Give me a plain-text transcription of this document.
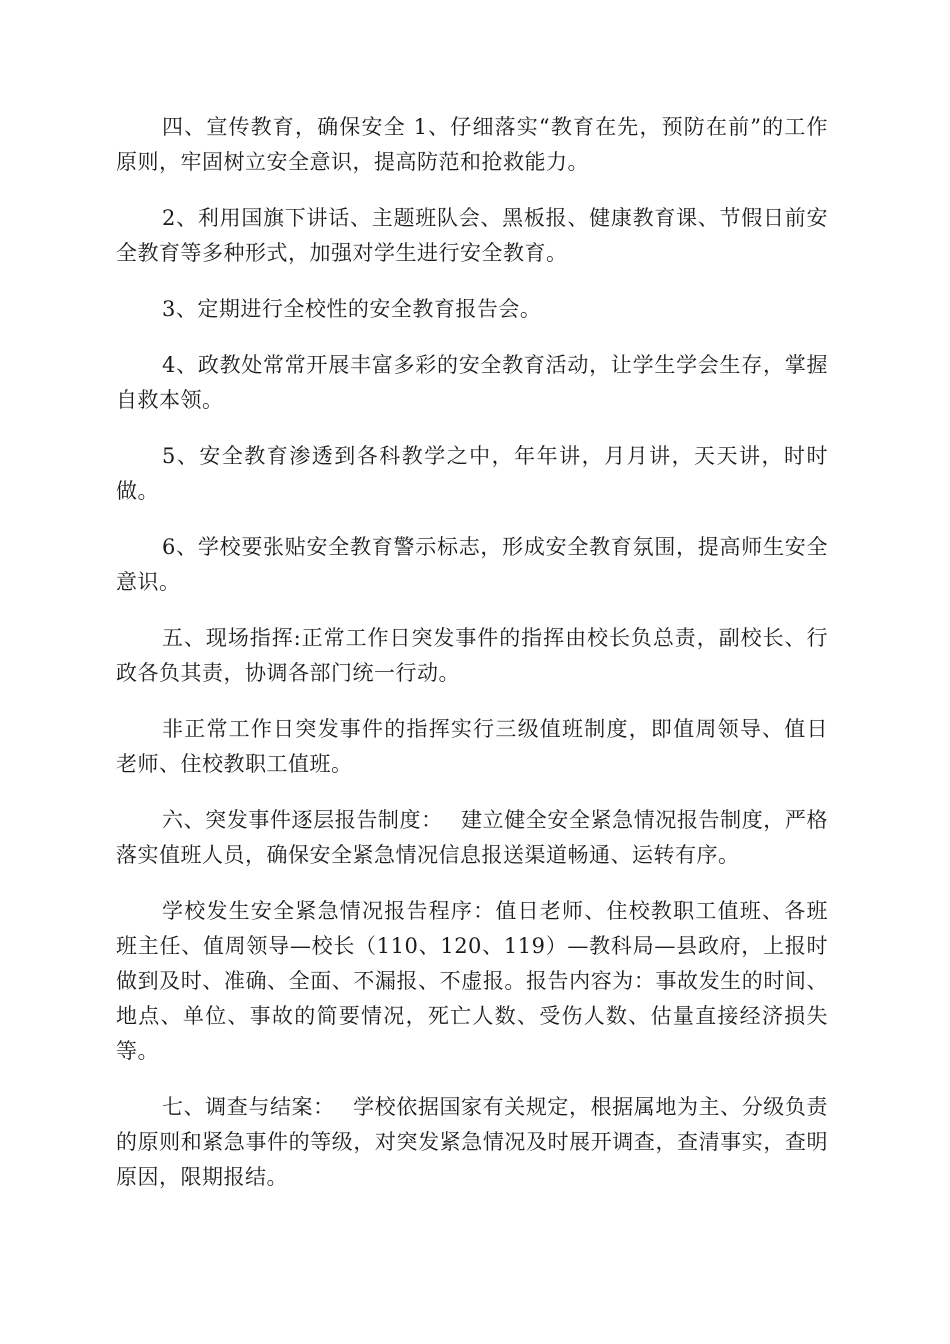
四、宣传教育，确保安全 1、仔细落实“教育在先，预防在前”的工作原则，牢固树立安全意识，提高防范和抢救能力。

2、利用国旗下讲话、主题班队会、黑板报、健康教育课、节假日前安全教育等多种形式，加强对学生进行安全教育。

3、定期进行全校性的安全教育报告会。

4、政教处常常开展丰富多彩的安全教育活动，让学生学会生存，掌握自救本领。

5、安全教育渗透到各科教学之中，年年讲，月月讲，天天讲，时时做。

6、学校要张贴安全教育警示标志，形成安全教育氛围，提高师生安全意识。

五、现场指挥:正常工作日突发事件的指挥由校长负总责，副校长、行政各负其责，协调各部门统一行动。

非正常工作日突发事件的指挥实行三级值班制度，即值周领导、值日老师、住校教职工值班。

六、突发事件逐层报告制度：　 建立健全安全紧急情况报告制度，严格落实值班人员，确保安全紧急情况信息报送渠道畅通、运转有序。

学校发生安全紧急情况报告程序：值日老师、住校教职工值班、各班班主任、值周领导—校长（110、120、119）—教科局—县政府，上报时做到及时、准确、全面、不漏报、不虚报。报告内容为：事故发生的时间、地点、单位、事故的简要情况，死亡人数、受伤人数、估量直接经济损失等。

七、调查与结案：　 学校依据国家有关规定，根据属地为主、分级负责的原则和紧急事件的等级，对突发紧急情况及时展开调查，查清事实，查明原因，限期报结。
